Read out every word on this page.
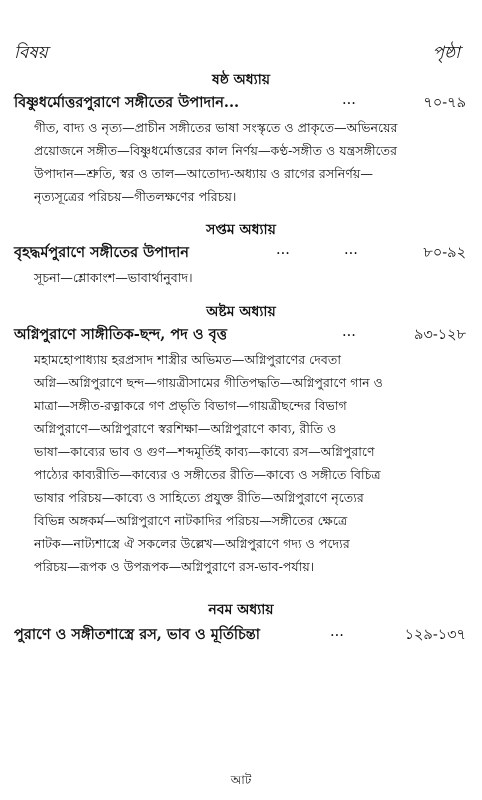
বিষয়	পৃষ্ঠা
ষষ্ঠ অধ্যায়
বিষ্ণুধর্মোত্তরপুরাণে সঙ্গীতের উপাদান...	...	৭০-৭৯
গীত, বাদ্য ও নৃত্য—প্রাচীন সঙ্গীতের ভাষা সংস্কৃতে ও প্রাকৃতে—অভিনয়ের
প্রয়োজনে সঙ্গীত—বিষ্ণুধর্মোত্তরের কাল নির্ণয়—কণ্ঠ-সঙ্গীত ও যন্ত্রসঙ্গীতের
উপাদান—শ্রুতি, স্বর ও তাল—আতোদ্য-অধ্যায় ও রাগের রসনির্ণয়—
নৃত্যসূত্রের পরিচয়—গীতলক্ষণের পরিচয়।
সপ্তম অধ্যায়
বৃহদ্ধর্মপুরাণে সঙ্গীতের উপাদান	...	...	৮০-৯২
সূচনা—শ্লোকাংশ—ভাবার্থানুবাদ।
অষ্টম অধ্যায়
অগ্নিপুরাণে সাঙ্গীতিক-ছন্দ, পদ ও বৃত্ত	...	৯৩-১২৮
মহামহোপাধ্যায় হরপ্রসাদ শাস্ত্রীর অভিমত—অগ্নিপুরাণের দেবতা
অগ্নি—অগ্নিপুরাণে ছন্দ—গায়ত্রীসামের গীতিপদ্ধতি—অগ্নিপুরাণে গান ও
মাত্রা—সঙ্গীত-রত্নাকরে গণ প্রভৃতি বিভাগ—গায়ত্রীছন্দের বিভাগ
অগ্নিপুরাণে—অগ্নিপুরাণে স্বরশিক্ষা—অগ্নিপুরাণে কাব্য, রীতি ও
ভাষা—কাব্যের ভাব ও গুণ—শব্দমূর্তিই কাব্য—কাব্যে রস—অগ্নিপুরাণে
পাঠ্যের কাব্যরীতি—কাব্যের ও সঙ্গীতের রীতি—কাব্যে ও সঙ্গীতে বিচিত্র
ভাষার পরিচয়—কাব্যে ও সাহিত্যে প্রযুক্ত রীতি—অগ্নিপুরাণে নৃত্যের
বিভিন্ন অঙ্গকর্ম—অগ্নিপুরাণে নাটকাদির পরিচয়—সঙ্গীতের ক্ষেত্রে
নাটক—নাট্যশাস্ত্রে ঐ সকলের উল্লেখ—অগ্নিপুরাণে গদ্য ও পদ্যের
পরিচয়—রূপক ও উপরূপক—অগ্নিপুরাণে রস-ভাব-পর্যায়।
নবম অধ্যায়
পুরাণে ও সঙ্গীতশাস্ত্রে রস, ভাব ও মূর্তিচিন্তা	...	১২৯-১৩৭
আট
